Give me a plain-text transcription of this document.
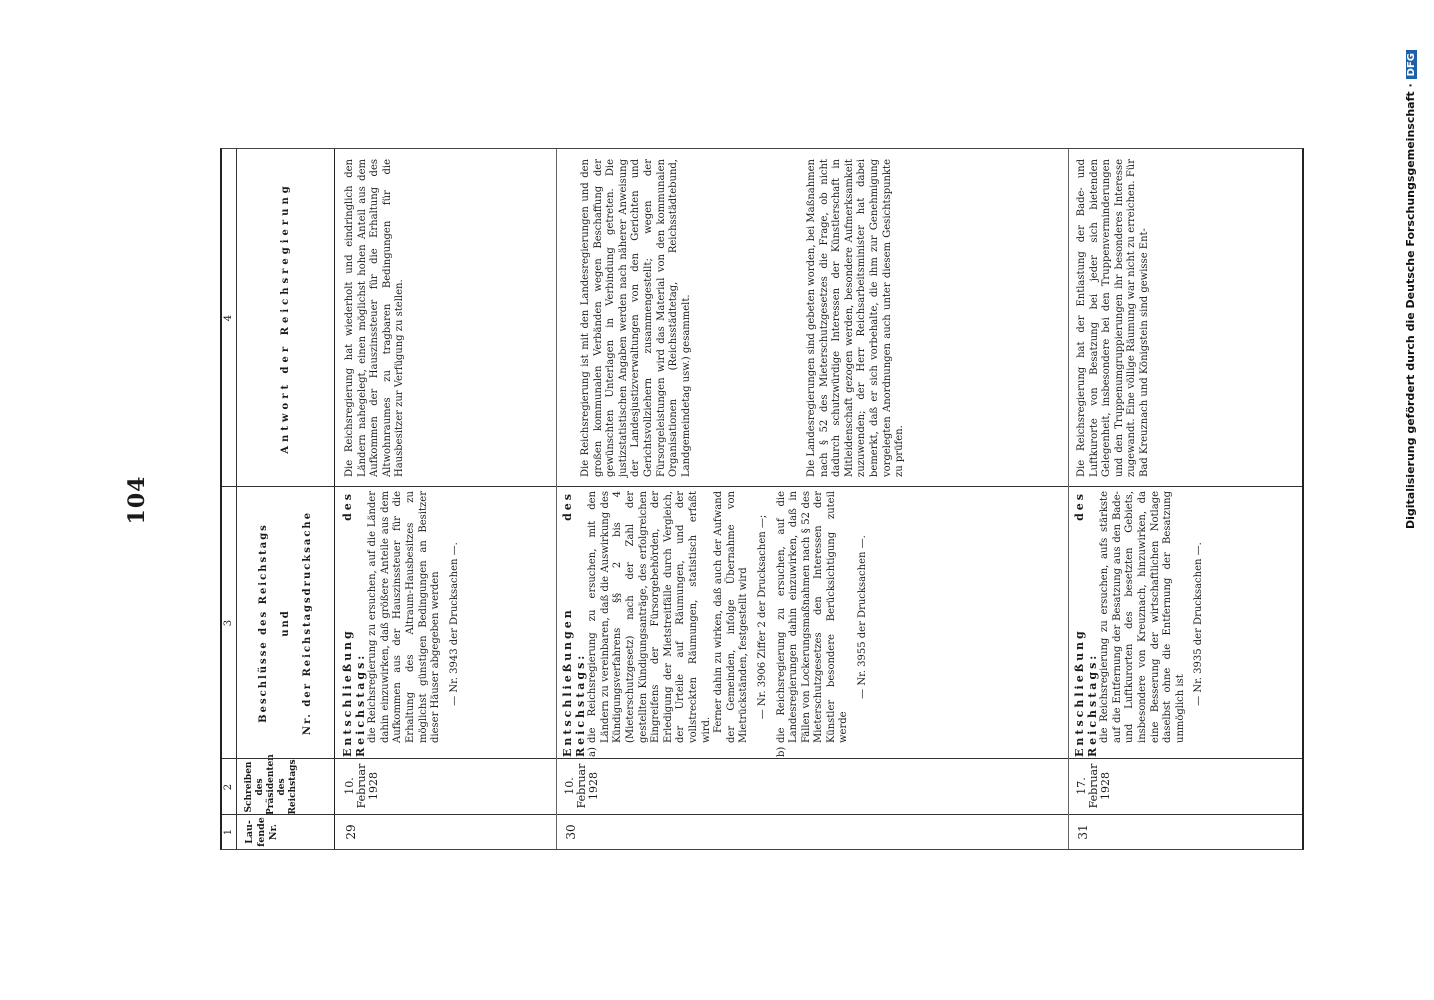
104
1
2
3
4
Lau-
fende
Nr.
Schreiben
des
Präsidenten
des
Reichstags
Beschlüsse des Reichstags und Nr. der Reichstagsdrucksache
Antwort der Reichsregierung
29
10. Februar
1928
Entschließung des Reichstags: die Reichsregierung zu ersuchen, auf die Länder dahin einzuwirken, daß größere Anteile aus dem Aufkommen aus der Hauszinssteuer für die Erhaltung des Altraum-Hausbesitzes zu möglichst günstigen Bedingungen an Besitzer dieser Häuser abgegeben werden — Nr. 3943 der Drucksachen —.
Die Reichsregierung hat wiederholt und eindringlich den Ländern nahegelegt, einen möglichst hohen Anteil aus dem Aufkommen der Hauszinssteuer für die Erhaltung des Altwohnraumes zu tragbaren Bedingungen für die Hausbesitzer zur Verfügung zu stellen.
30
10. Februar
1928
Entschließungen des Reichstags: a)
die Reichsregierung zu ersuchen, mit den Ländern zu vereinbaren, daß die Auswirkung des Kündigungsverfahrens §§ 2 bis 4 (Mieterschutzgesetz) nach der Zahl der gestellten Kündigungsanträge, des erfolgreichen Eingreifens der Fürsorgebehörden, der Erledigung der Mietstreitfälle durch Vergleich, der Urteile auf Räumungen, und der vollstreckten Räumungen, statistisch erfaßt wird. Ferner dahin zu wirken, daß auch der Aufwand der Gemeinden, infolge Übernahme von Mietrückständen, festgestellt wird — Nr. 3906 Ziffer 2 der Drucksachen —;
b)
die Reichsregierung zu ersuchen, auf die Landesregierungen dahin einzuwirken, daß in Fällen von Lockerungsmaßnahmen nach § 52 des Mieterschutzgesetzes den Interessen der Künstler besondere Berücksichtigung zuteil werde
— Nr. 3955 der Drucksachen —.
Die Reichsregierung ist mit den Landesregierungen und den großen kommunalen Verbänden wegen Beschaffung der gewünschten Unterlagen in Verbindung getreten. Die justizstatistischen Angaben werden nach näherer Anweisung der Landesjustizverwaltungen von den Gerichten und Gerichtsvollziehern zusammengestellt; wegen der Fürsorgeleistungen wird das Material von den kommunalen Organisationen (Reichsstädtetag, Reichsstädtebund, Landgemeindetag usw.) gesammelt.	Die Landesregierungen sind gebeten worden, bei Maßnahmen nach § 52 des Mieterschutzgesetzes die Frage, ob nicht dadurch schutzwürdige Interessen der Künstlerschaft in Mitleidenschaft gezogen werden, besondere Aufmerksamkeit zuzuwenden; der Herr Reichsarbeitsminister hat dabei bemerkt, daß er sich vorbehalte, die ihm zur Genehmigung vorgelegten Anordnungen auch unter diesem Gesichtspunkte zu prüfen.
31
17. Februar
1928
Entschließung des Reichstags: die Reichsregierung zu ersuchen, aufs stärkste auf die Entfernung der Besatzung aus den Bade- und Luftkurorten des besetzten Gebiets, insbesondere von Kreuznach, hinzuwirken, da eine Besserung der wirtschaftlichen Notlage daselbst ohne die Entfernung der Besatzung unmöglich ist
— Nr. 3935 der Drucksachen —.
Die Reichsregierung hat der Entlastung der Bade- und Luftkurorte von Besatzung bei jeder sich bietenden Gelegenheit, insbesondere bei den Truppenverminderungen und den Truppenumgruppierungen ihr besonderes Interesse zugewandt. Eine völlige Räumung war nicht zu erreichen. Für Bad Kreuznach und Königstein sind gewisse Ent-	Digitalisierung gefördert durch die Deutsche Forschungsgemeinschaft ·DFG
